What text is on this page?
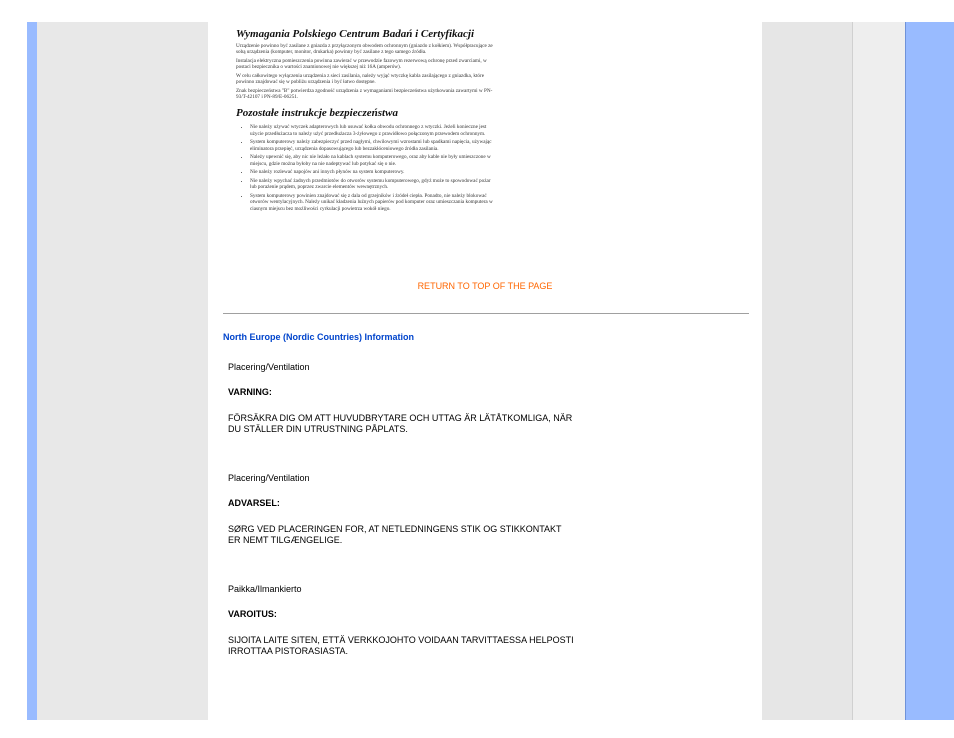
Wymagania Polskiego Centrum Badań i Certyfikacji

Urządzenie powinno być zasilane z gniazda z przyłączonym obwodem ochronnym (gniazdo z kołkiem). Współpracujące ze sobą urządzenia (komputer, monitor, drukarka) powinny być zasilane z tego samego źródła.

Instalacja elektryczna pomieszczenia powinna zawierać w przewodzie fazowym rezerwową ochronę przed zwarciami, w postaci bezpiecznika o wartości znamionowej nie większej niż 16A (amperów).

W celu całkowitego wyłączenia urządzenia z sieci zasilania, należy wyjąć wtyczkę kabla zasilającego z gniazdka, które powinno znajdować się w pobliżu urządzenia i być łatwo dostępne.

Znak bezpieczeństwa "B" potwierdza zgodność urządzenia z wymaganiami bezpieczeństwa użytkowania zawartymi w PN-93/T-42107 i PN-89/E-06251.

Pozostałe instrukcje bezpieczeństwa

• Nie należy używać wtyczek adapterowych lub usuwać kołka obwodu ochronnego z wtyczki. Jeżeli konieczne jest użycie przedłużacza to należy użyć przedłużacza 3-żyłowego z prawidłowo połączonym przewodem ochronnym.
• System komputerowy należy zabezpieczyć przed nagłymi, chwilowymi wzrostami lub spadkami napięcia, używając eliminatora przepięć, urządzenia dopasowującego lub bezzakłóceniowego źródła zasilania.
• Należy upewnić się, aby nic nie leżało na kablach systemu komputerowego, oraz aby kable nie były umieszczone w miejscu, gdzie można byłoby na nie nadeptywać lub potykać się o nie.
• Nie należy rozlewać napojów ani innych płynów na system komputerowy.
• Nie należy wpychać żadnych przedmiotów do otworów systemu komputerowego, gdyż może to spowodować pożar lub porażenie prądem, poprzez zwarcie elementów wewnętrznych.
• System komputerowy powinien znajdować się z dala od grzejników i źródeł ciepła. Ponadto, nie należy blokować otworów wentylacyjnych. Należy unikać kładzenia luźnych papierów pod komputer oraz umieszczania komputera w ciasnym miejscu bez możliwości cyrkulacji powietrza wokół niego.
RETURN TO TOP OF THE PAGE
North Europe (Nordic Countries) Information
Placering/Ventilation
VARNING:
FÖRSÄKRA DIG OM ATT HUVUDBRYTARE OCH UTTAG ÄR LÄTÅTKOMLIGA, NÄR
DU STÄLLER DIN UTRUSTNING PÅPLATS.
Placering/Ventilation
ADVARSEL:
SØRG VED PLACERINGEN FOR, AT NETLEDNINGENS STIK OG STIKKONTAKT
ER NEMT TILGÆNGELIGE.
Paikka/Ilmankierto
VAROITUS:
SIJOITA LAITE SITEN, ETTÄ VERKKOJOHTO VOIDAAN TARVITTAESSA HELPOSTI
IRROTTAA PISTORASIASTA.
